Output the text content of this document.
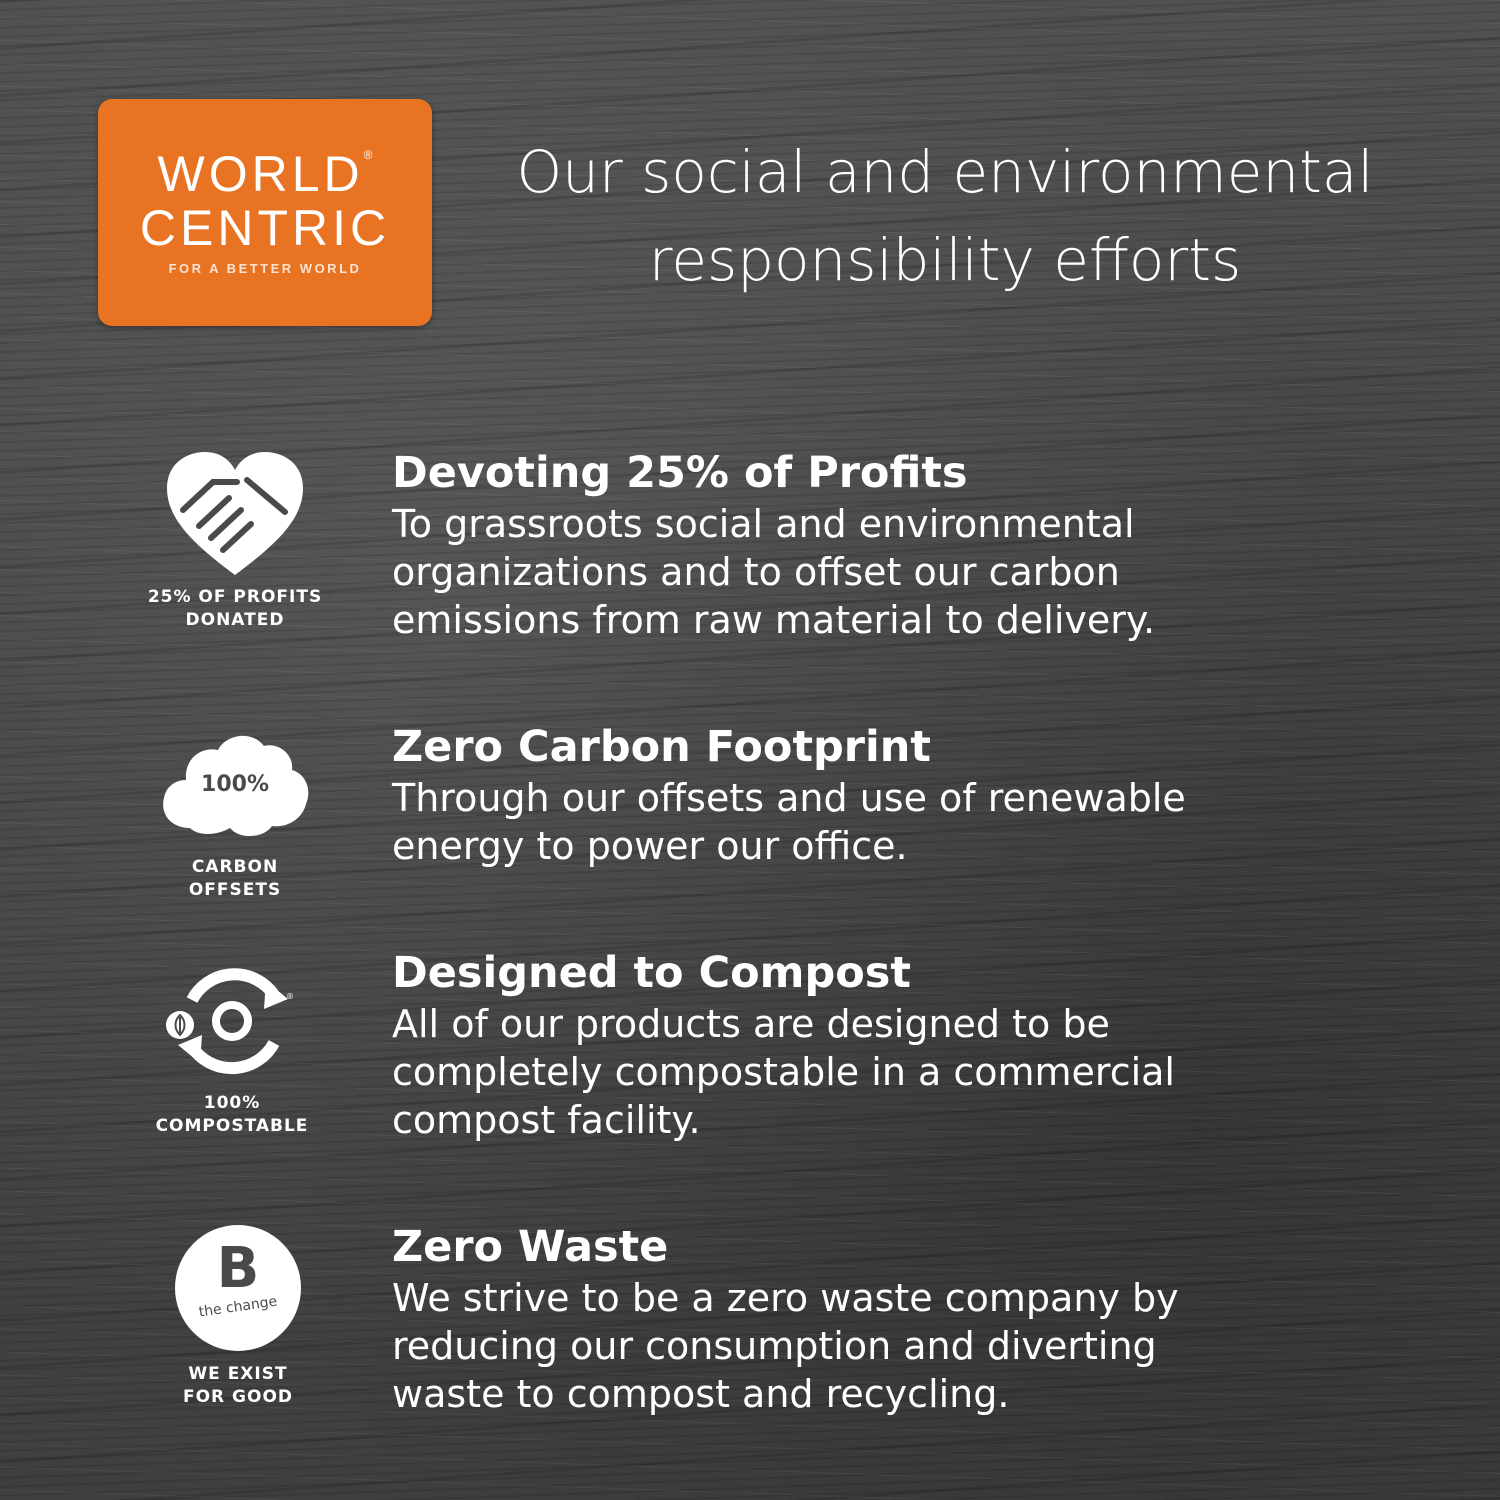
WORLD®
CENTRIC
FOR A BETTER WORLD
Our social and environmental
responsibility efforts
25% OF PROFITS
DONATED
Devoting 25% of Profits

To grassroots social and environmental

organizations and to offset our carbon

emissions from raw material to delivery.

100%
CARBON
OFFSETS
Zero Carbon Footprint

Through our offsets and use of renewable

energy to power our office.

®
100%
COMPOSTABLE
Designed to Compost

All of our products are designed to be

completely compostable in a commercial

compost facility.

B
the change
WE EXIST
FOR GOOD
Zero Waste

We strive to be a zero waste company by

reducing our consumption and diverting

waste to compost and recycling.
